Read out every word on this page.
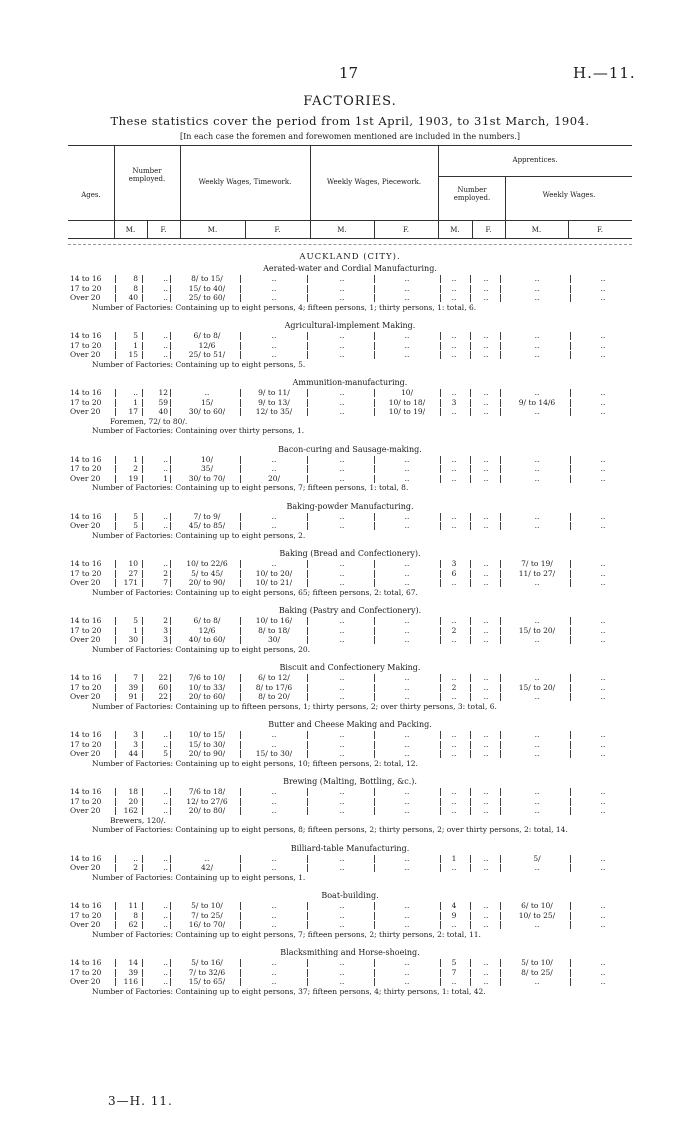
17	H.—11.
FACTORIES.
These statistics cover the period from 1st April, 1903, to 31st March, 1904.
[In each case the foremen and forewomen mentioned are included in the numbers.]
Ages.
Number employed.	Weekly Wages, Timework.	Weekly Wages, Piecework.
Apprentices.
Number employed.	Weekly Wages.
M.	F.	M.	F.	M.	F.	M.	F.	M.	F.
AUCKLAND (CITY).
Aerated-water and Cordial Manufacturing.
14 to 16	8	..	8/ to 15/	..	..	..	..	..	..	..
17 to 20	8	..	15/ to 40/	..	..	..	..	..	..	..
Over 20	40	..	25/ to 60/	..	..	..	..	..	..	..
Number of Factories: Containing up to eight persons, 4; fifteen persons, 1; thirty persons, 1: total, 6.
Agricultural-implement Making.
14 to 16	5	..	6/ to 8/	..	..	..	..	..	..	..
17 to 20	1	..	12/6	..	..	..	..	..	..	..
Over 20	15	..	25/ to 51/	..	..	..	..	..	..	..
Number of Factories: Containing up to eight persons, 5.
Ammunition-manufacturing.
14 to 16	..	12	..	9/ to 11/	..	10/	..	..	..	..
17 to 20	1	59	15/	9/ to 13/	..	10/ to 18/	3	..	9/ to 14/6	..
Over 20	17	40	30/ to 60/	12/ to 35/	..	10/ to 19/	..	..	..	..
Foremen, 72/ to 80/.
Number of Factories: Containing over thirty persons, 1.
Bacon-curing and Sausage-making.
14 to 16	1	..	10/	..	..	..	..	..	..	..
17 to 20	2	..	35/	..	..	..	..	..	..	..
Over 20	19	1	30/ to 70/	20/	..	..	..	..	..	..
Number of Factories: Containing up to eight persons, 7; fifteen persons, 1: total, 8.
Baking-powder Manufacturing.
14 to 16	5	..	7/ to 9/	..	..	..	..	..	..	..
Over 20	5	..	45/ to 85/	..	..	..	..	..	..	..
Number of Factories: Containing up to eight persons, 2.
Baking (Bread and Confectionery).
14 to 16	10	..	10/ to 22/6	..	..	..	3	..	7/ to 19/	..
17 to 20	27	2	5/ to 45/	10/ to 20/	..	..	6	..	11/ to 27/	..
Over 20	171	7	20/ to 90/	10/ to 21/	..	..	..	..	..	..
Number of Factories: Containing up to eight persons, 65; fifteen persons, 2: total, 67.
Baking (Pastry and Confectionery).
14 to 16	5	2	6/ to 8/	10/ to 16/	..	..	..	..	..	..
17 to 20	1	3	12/6	8/ to 18/	..	..	2	..	15/ to 20/	..
Over 20	30	3	40/ to 60/	30/	..	..	..	..	..	..
Number of Factories: Containing up to eight persons, 20.
Biscuit and Confectionery Making.
14 to 16	7	22	7/6 to 10/	6/ to 12/	..	..	..	..	..	..
17 to 20	39	60	10/ to 33/	8/ to 17/6	..	..	2	..	15/ to 20/	..
Over 20	91	22	20/ to 60/	8/ to 20/	..	..	..	..	..	..
Number of Factories: Containing up to fifteen persons, 1; thirty persons, 2; over thirty persons, 3: total, 6.
Butter and Cheese Making and Packing.
14 to 16	3	..	10/ to 15/	..	..	..	..	..	..	..
17 to 20	3	..	15/ to 30/	..	..	..	..	..	..	..
Over 20	44	5	20/ to 90/	15/ to 30/	..	..	..	..	..	..
Number of Factories: Containing up to eight persons, 10; fifteen persons, 2: total, 12.
Brewing (Malting, Bottling, &c.).
14 to 16	18	..	7/6 to 18/	..	..	..	..	..	..	..
17 to 20	20	..	12/ to 27/6	..	..	..	..	..	..	..
Over 20	162	..	20/ to 80/	..	..	..	..	..	..	..
Brewers, 120/.
Number of Factories: Containing up to eight persons, 8; fifteen persons, 2; thirty persons, 2; over thirty persons, 2: total, 14.
Billiard-table Manufacturing.
14 to 16	..	..	..	..	..	..	1	..	5/	..
Over 20	2	..	42/	..	..	..	..	..	..	..
Number of Factories: Containing up to eight persons, 1.
Boat-building.
14 to 16	11	..	5/ to 10/	..	..	..	4	..	6/ to 10/	..
17 to 20	8	..	7/ to 25/	..	..	..	9	..	10/ to 25/	..
Over 20	62	..	16/ to 70/	..	..	..	..	..	..	..
Number of Factories: Containing up to eight persons, 7; fifteen persons, 2; thirty persons, 2: total, 11.
Blacksmithing and Horse-shoeing.
14 to 16	14	..	5/ to 16/	..	..	..	5	..	5/ to 10/	..
17 to 20	39	..	7/ to 32/6	..	..	..	7	..	8/ to 25/	..
Over 20	116	..	15/ to 65/	..	..	..	..	..	..	..
Number of Factories: Containing up to eight persons, 37; fifteen persons, 4; thirty persons, 1: total, 42.
3—H. 11.
